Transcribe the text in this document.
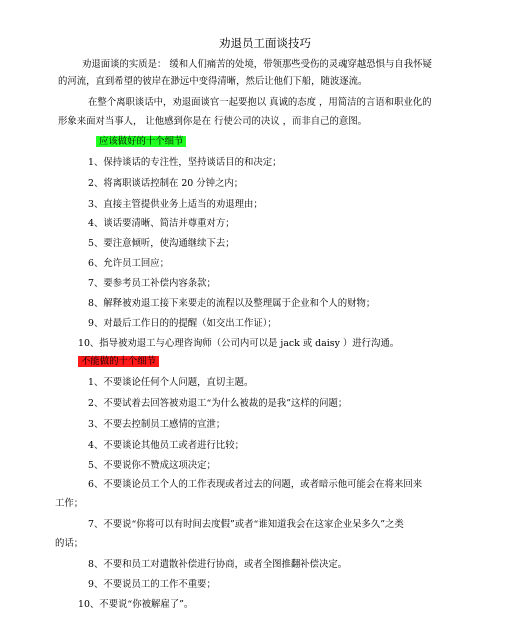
劝退员工面谈技巧
劝退面谈的实质是： 缓和人们痛苦的处境，带领那些受伤的灵魂穿越恐惧与自我怀疑
的河流，直到希望的彼岸在渺远中变得清晰，然后让他们下船，随波逐流。
在整个离职谈话中，劝退面谈官一起要抱以 真诚的态度 ，用简洁的言语和职业化的
形象来面对当事人， 让他感到你是在 行使公司的决议 ，而非自己的意图。
应该做好的十个细节
1、保持谈话的专注性，坚持谈话目的和决定；
2、将离职谈话控制在 20 分钟之内；
3、直接主管提供业务上适当的劝退理由；
4、谈话要清晰、简洁并尊重对方；
5、要注意倾听，使沟通继续下去；
6、允许员工回应；
7、要参考员工补偿内容条款；
8、解释被劝退工接下来要走的流程以及整理属于企业和个人的财物；
9、对最后工作日的的提醒（如交出工作证）；
10、指导被劝退工与心理咨询师（公司内可以是 jack 或 daisy ）进行沟通。
不能做的十个细节
1、不要谈论任何个人问题，直切主题。
2、不要试着去回答被劝退工“为什么被裁的是我”这样的问题；
3、不要去控制员工感情的宣泄；
4、不要谈论其他员工或者进行比较；
5、不要说你不赞成这项决定；
6、不要谈论员工个人的工作表现或者过去的问题，或者暗示他可能会在将来回来
工作；
7、不要说“你将可以有时间去度假”或者“谁知道我会在这家企业呆多久”之类
的话；
8、不要和员工对遣散补偿进行协商，或者全图推翻补偿决定。
9、不要说员工的工作不重要；
10、不要说“你被解雇了”。
